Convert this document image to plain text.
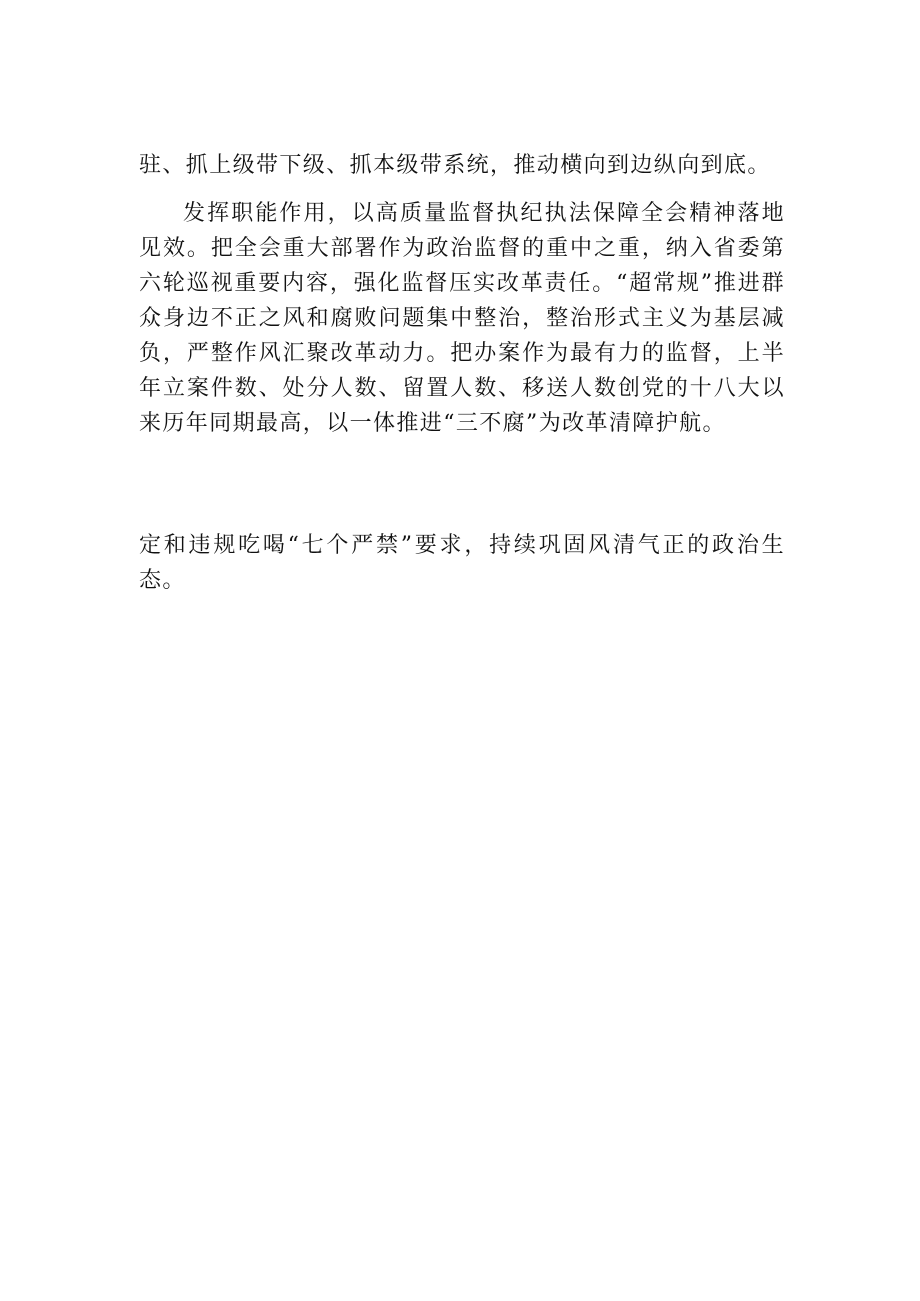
驻、抓上级带下级、抓本级带系统，推动横向到边纵向到底。

发挥职能作用，以高质量监督执纪执法保障全会精神落地见效。把全会重大部署作为政治监督的重中之重，纳入省委第六轮巡视重要内容，强化监督压实改革责任。“超常规”推进群众身边不正之风和腐败问题集中整治，整治形式主义为基层减负，严整作风汇聚改革动力。把办案作为最有力的监督，上半年立案件数、处分人数、留置人数、移送人数创党的十八大以来历年同期最高，以一体推进“三不腐”为改革清障护航。

定和违规吃喝“七个严禁”要求，持续巩固风清气正的政治生态。
